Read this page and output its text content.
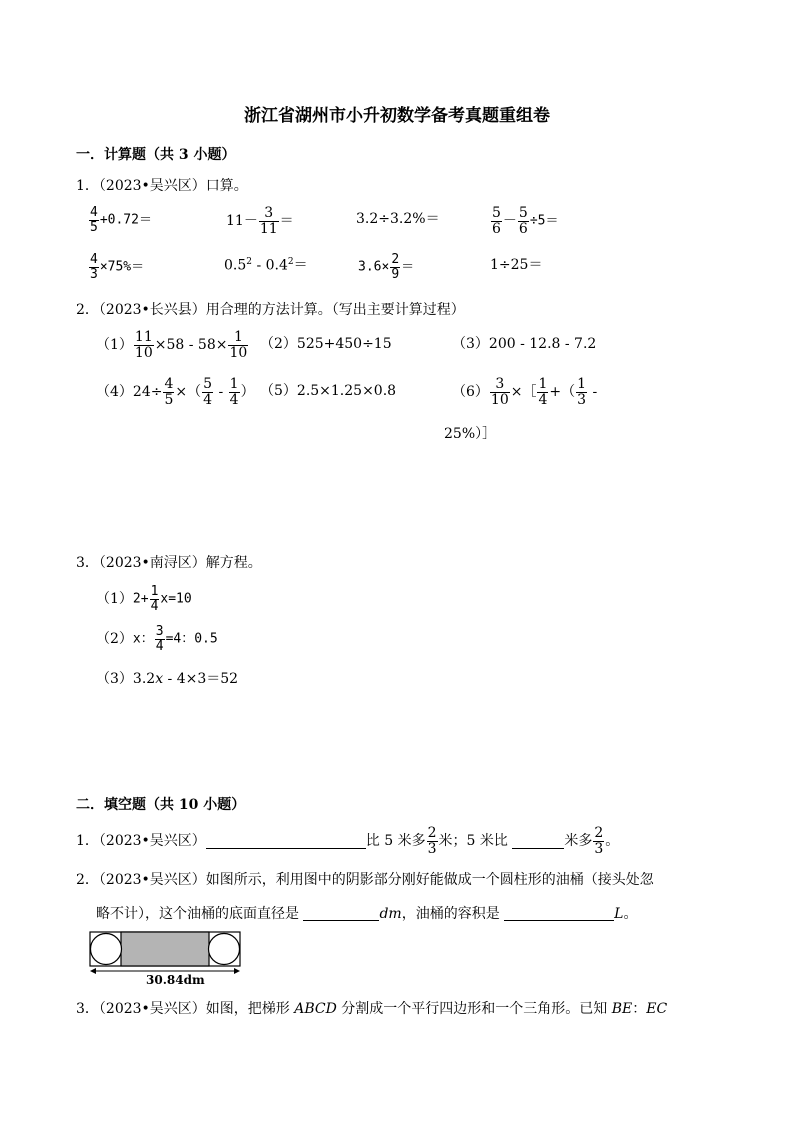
浙江省湖州市小升初数学备考真题重组卷
一．计算题（共 3 小题）
1．（2023•吴兴区）口算。
$\frac{4}{5} +0.72=$	$11- \frac{3}{11}$ ＝	3.2÷3.2%＝	$\frac{5}{6} - \frac{5}{6} \div 5=$
$\frac{4}{3} \times 75\%=$	$0.5^2 - 0.4^2=$	$3.6\times \frac{2}{9}$ ＝	1÷25＝
2．（2023•长兴县）用合理的方法计算。（写出主要计算过程）
$(1) \frac{11}{10} \times 58 - 58\times \frac{1}{10} (2)525+450\div 15$	（3）200 - 12.8 - 7.2
$(4)24\div \frac{4}{5}$ ×（ $\frac{5}{4} - \frac{1}{4}$ ） （5）2.5×1.25×0.8	$(6) \frac{3}{10}$ ×［ $\frac{1}{4}$ +（ $\frac{1}{3}$ -
25%）］
3．（2023•南浔区）解方程。
$(1)2+ \frac{1}{4} x=10$
（2）x： $\frac{3}{4} =4$：0.5
（3）3.2x - 4×3＝52
二．填空题（共 10 小题）
1．（2023•吴兴区）	比 5 米多 $\frac{2}{3}$ 米；5 米比	米多 $\frac{2}{3}$ 。
2．（2023•吴兴区）如图所示，利用图中的阴影部分刚好能做成一个圆柱形的油桶（接头处忽
略不计），这个油桶的底面直径是	dm，油桶的容积是	L。
30.84dm
3．（2023•吴兴区）如图，把梯形 ABCD 分割成一个平行四边形和一个三角形。已知 BE：EC
